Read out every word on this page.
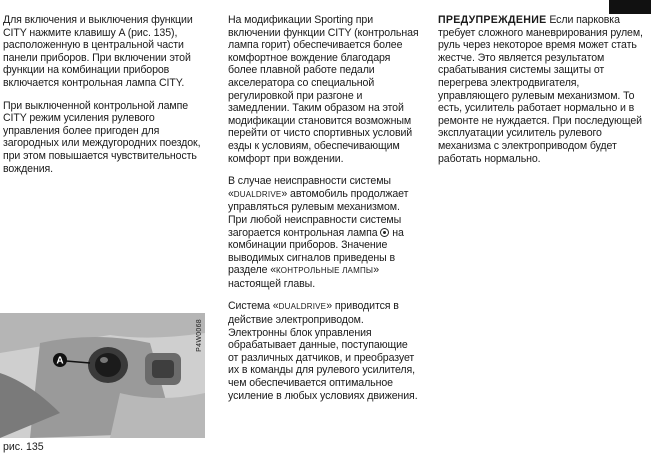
Для включения и выключения функции CITY нажмите клавишу A (рис. 135), расположенную в центральной части панели приборов. При включении этой функции на комбинации приборов включается контрольная лампа CITY.

При выключенной контрольной лампе CITY режим усиления рулевого управления более пригоден для загородных или междугородних поездок, при этом повышается чувствительность вождения.

На модификации Sporting при включении функции CITY (контрольная лампа горит) обеспечивается более комфортное вождение благодаря более плавной работе педали акселератора со специальной регулировкой при разгоне и замедлении. Таким образом на этой модификации становится возможным перейти от чисто спортивных условий езды к условиям, обеспечивающим комфорт при вождении.

В случае неисправности системы «DUALDRIVE» автомобиль продолжает управляться рулевым механизмом. При любой неисправности системы загорается контрольная лампа на комбинации приборов. Значение выводимых сигналов приведены в разделе «КОНТРОЛЬНЫЕ ЛАМПЫ» настоящей главы.

Система «DUALDRIVE» приводится в действие электроприводом. Электронны блок управления обрабатывает данные, поступающие от различных датчиков, и преобразует их в команды для рулевого усилителя, чем обеспечивается оптимальное усиление в любых условиях движения.

ПРЕДУПРЕЖДЕНИЕ Если парковка требует сложного маневрирования рулем, руль через некоторое время может стать жестче. Это является результатом срабатывания системы защиты от перегрева электродвигателя, управляющего рулевым механизмом. То есть, усилитель работает нормально и в ремонте не нуждается. При последующей эксплуатации усилитель рулевого механизма с электроприводом будет работать нормально.

A
P4W0068
рис. 135
